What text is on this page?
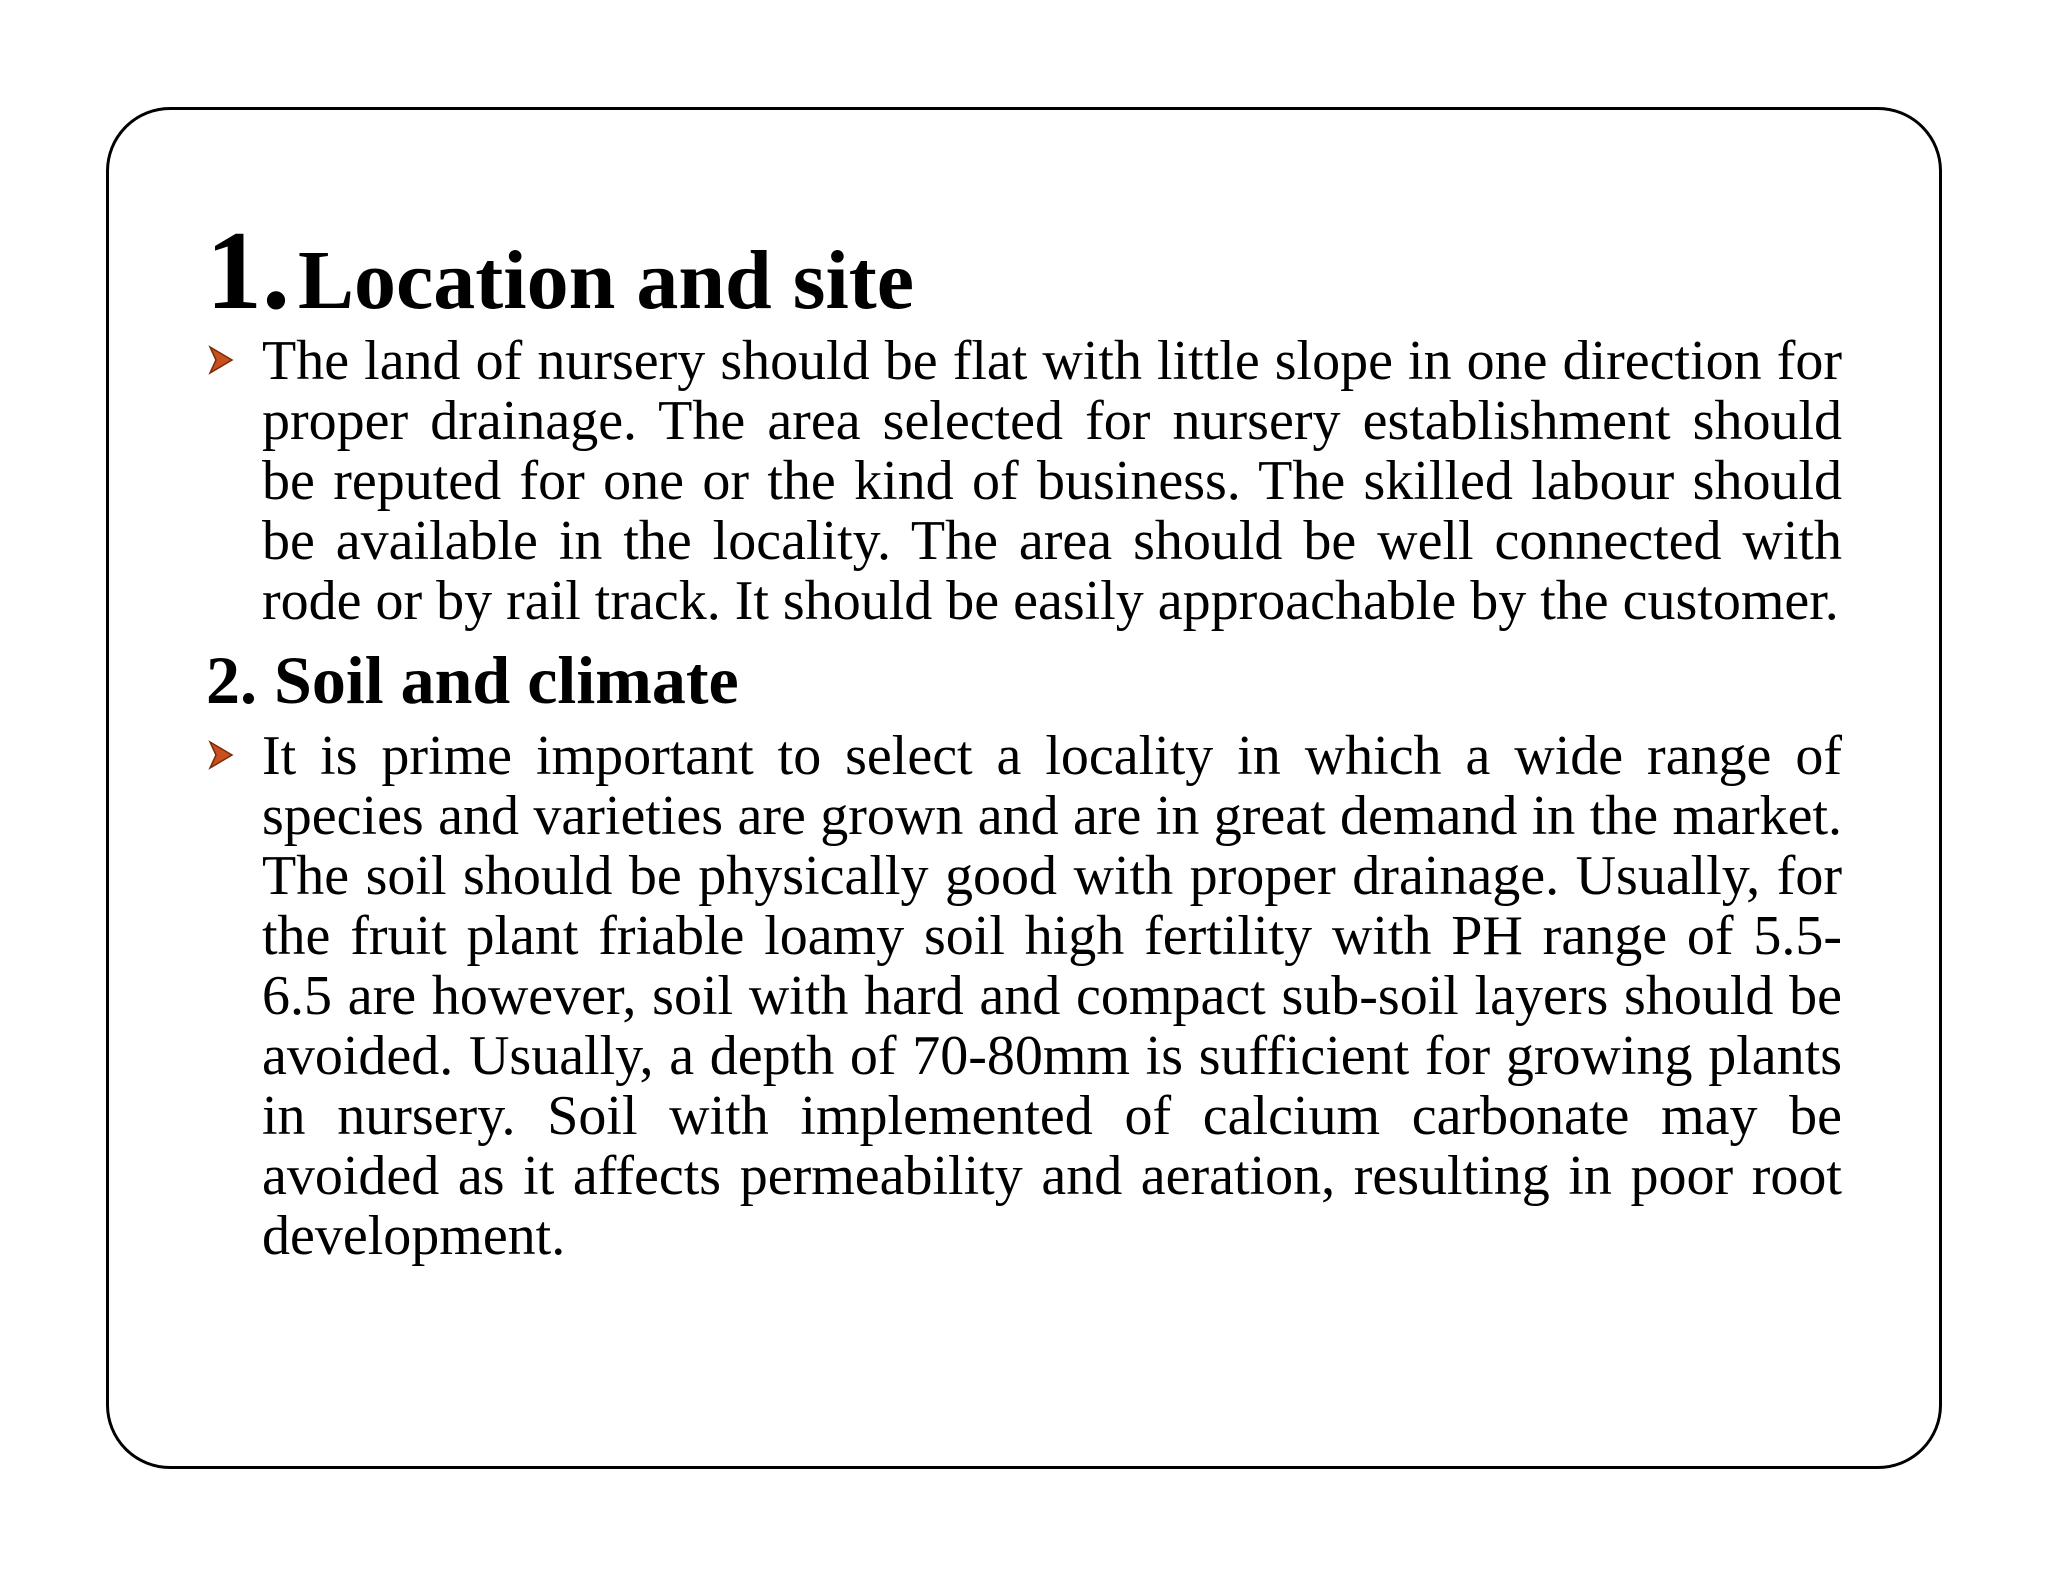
1. Location and site
The land of nursery should be flat with little slope in one direction for proper drainage. The area selected for nursery establishment should be reputed for one or the kind of business. The skilled labour should be available in the locality. The area should be well connected with rode or by rail track. It should be easily approachable by the customer.
2. Soil and climate
It is prime important to select a locality in which a wide range of species and varieties are grown and are in great demand in the market. The soil should be physically good with proper drainage. Usually, for the fruit plant friable loamy soil high fertility with PH range of 5.5-6.5 are however, soil with hard and compact sub-soil layers should be avoided. Usually, a depth of 70-80mm is sufficient for growing plants in nursery. Soil with implemented of calcium carbonate may be avoided as it affects permeability and aeration, resulting in poor root development.
